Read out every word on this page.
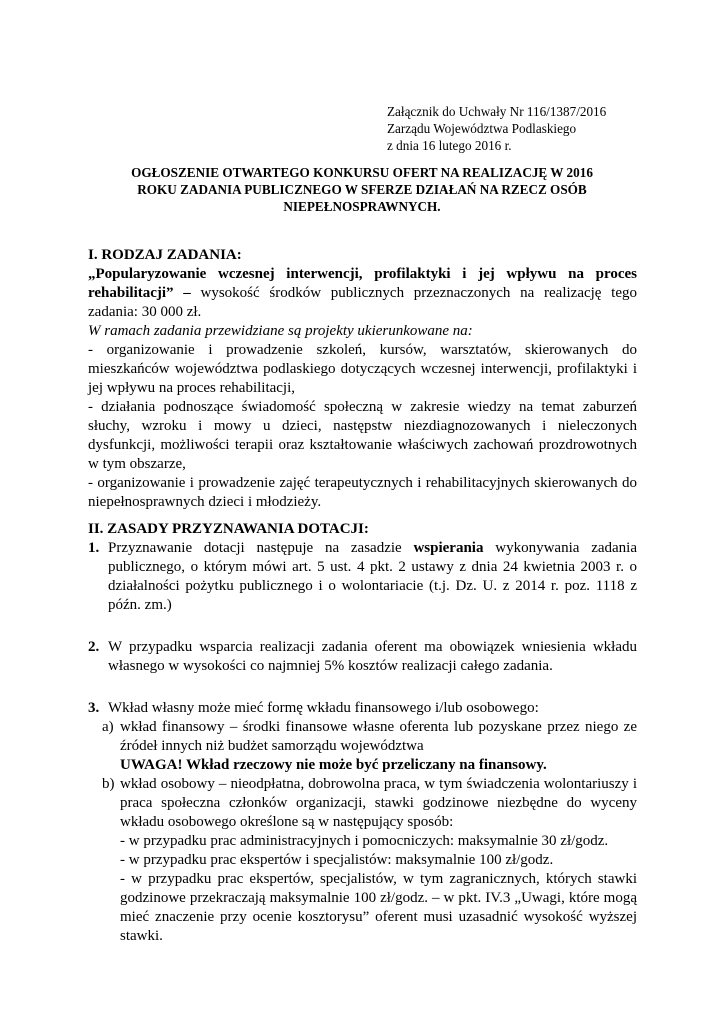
Załącznik do Uchwały Nr 116/1387/2016
Zarządu Województwa Podlaskiego
z dnia 16 lutego 2016 r.
OGŁOSZENIE OTWARTEGO KONKURSU OFERT NA REALIZACJĘ W 2016
ROKU ZADANIA PUBLICZNEGO W SFERZE DZIAŁAŃ NA RZECZ OSÓB
NIEPEŁNOSPRAWNYCH.
I. RODZAJ ZADANIA:
„Popularyzowanie wczesnej interwencji, profilaktyki i jej wpływu na proces rehabilitacji” – wysokość środków publicznych przeznaczonych na realizację tego zadania: 30 000 zł.
W ramach zadania przewidziane są projekty ukierunkowane na:
- organizowanie i prowadzenie szkoleń, kursów, warsztatów, skierowanych do mieszkańców województwa podlaskiego dotyczących wczesnej interwencji, profilaktyki i jej wpływu na proces rehabilitacji,
- działania podnoszące świadomość społeczną w zakresie wiedzy na temat zaburzeń słuchy, wzroku i mowy u dzieci, następstw niezdiagnozowanych i nieleczonych dysfunkcji, możliwości terapii oraz kształtowanie właściwych zachowań prozdrowotnych w tym obszarze,
- organizowanie i prowadzenie zajęć terapeutycznych i rehabilitacyjnych skierowanych do niepełnosprawnych dzieci i młodzieży.
II. ZASADY PRZYZNAWANIA DOTACJI:
1. Przyznawanie dotacji następuje na zasadzie wspierania wykonywania zadania publicznego, o którym mówi art. 5 ust. 4 pkt. 2 ustawy z dnia 24 kwietnia 2003 r. o działalności pożytku publicznego i o wolontariacie (t.j. Dz. U. z 2014 r. poz. 1118 z późn. zm.)
2. W przypadku wsparcia realizacji zadania oferent ma obowiązek wniesienia wkładu własnego w wysokości co najmniej 5% kosztów realizacji całego zadania.
3. Wkład własny może mieć formę wkładu finansowego i/lub osobowego:
a) wkład finansowy – środki finansowe własne oferenta lub pozyskane przez niego ze źródeł innych niż budżet samorządu województwa
UWAGA! Wkład rzeczowy nie może być przeliczany na finansowy.
b) wkład osobowy – nieodpłatna, dobrowolna praca, w tym świadczenia wolontariuszy i praca społeczna członków organizacji, stawki godzinowe niezbędne do wyceny wkładu osobowego określone są w następujący sposób:
- w przypadku prac administracyjnych i pomocniczych: maksymalnie 30 zł/godz.
- w przypadku prac ekspertów i specjalistów: maksymalnie 100 zł/godz.
- w przypadku prac ekspertów, specjalistów, w tym zagranicznych, których stawki godzinowe przekraczają maksymalnie 100 zł/godz. – w pkt. IV.3 „Uwagi, które mogą mieć znaczenie przy ocenie kosztorysu” oferent musi uzasadnić wysokość wyższej stawki.
